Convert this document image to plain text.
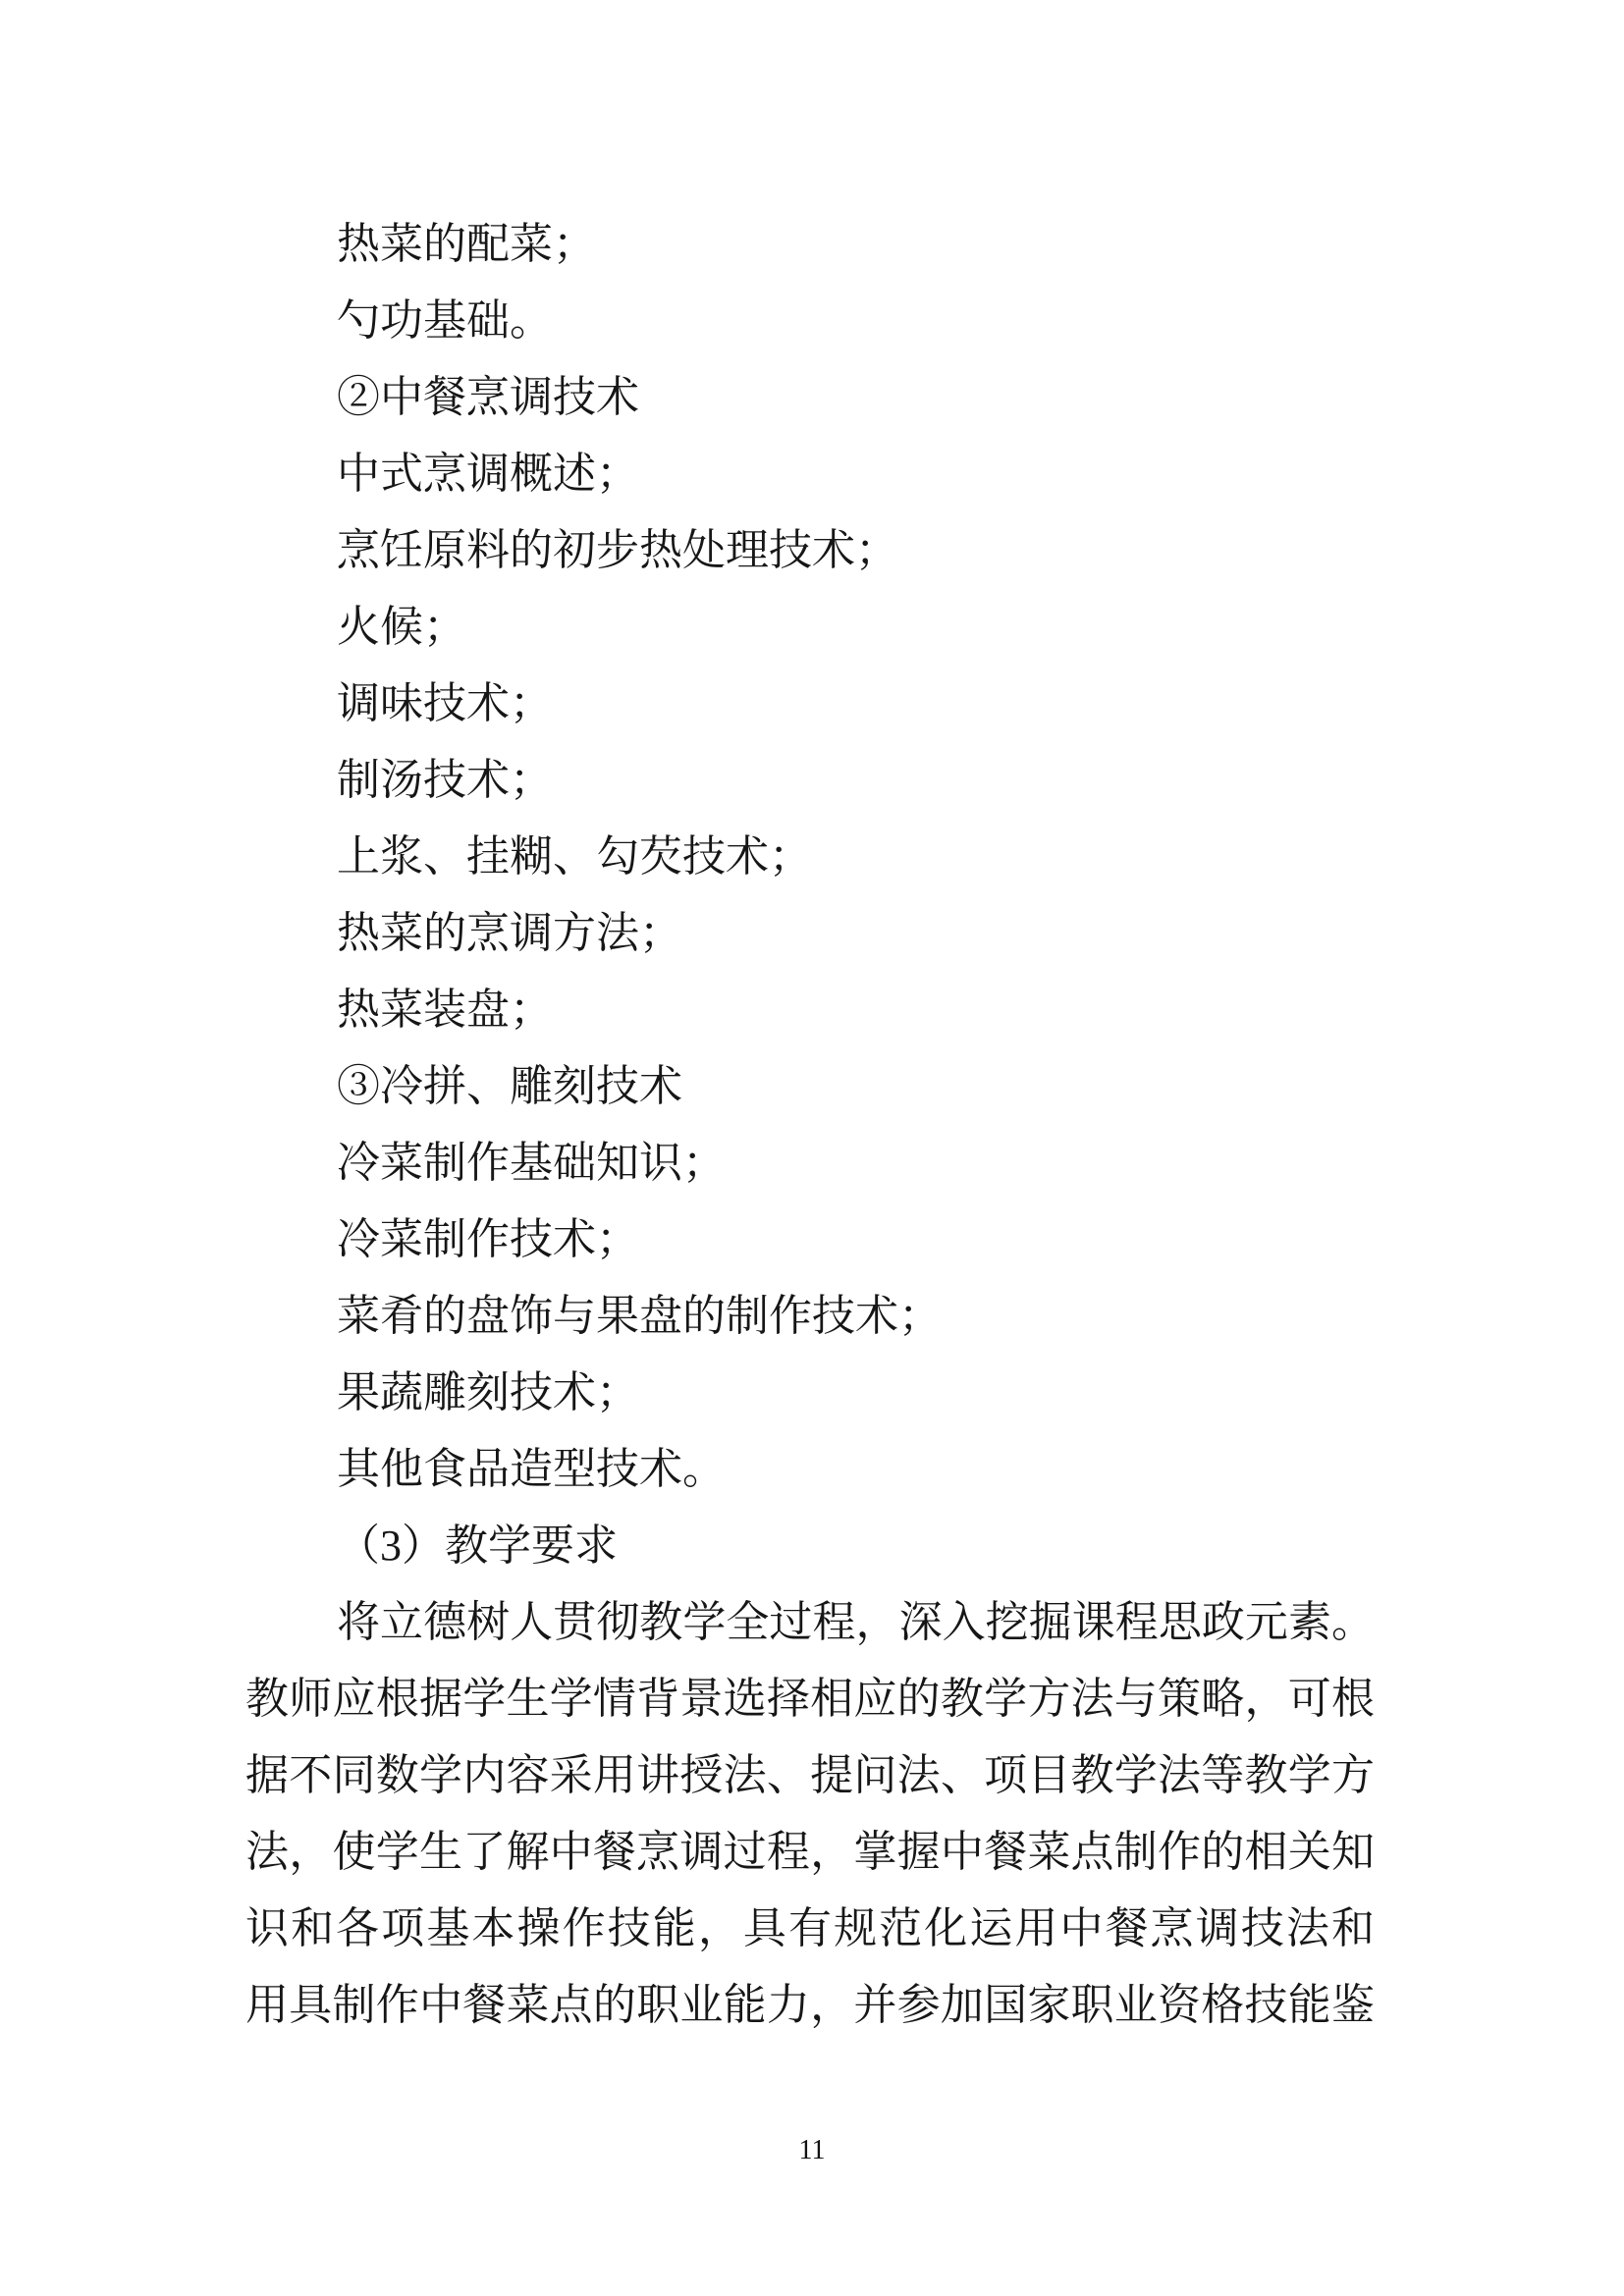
热菜的配菜；
勺功基础。
②中餐烹调技术
中式烹调概述；
烹饪原料的初步热处理技术；
火候；
调味技术；
制汤技术；
上浆、挂糊、勾芡技术；
热菜的烹调方法；
热菜装盘；
③冷拼、雕刻技术
冷菜制作基础知识；
冷菜制作技术；
菜肴的盘饰与果盘的制作技术；
果蔬雕刻技术；
其他食品造型技术。
（3）教学要求
将立德树人贯彻教学全过程，深入挖掘课程思政元素。
教师应根据学生学情背景选择相应的教学方法与策略，可根
据不同数学内容采用讲授法、提问法、项目教学法等教学方
法，使学生了解中餐烹调过程，掌握中餐菜点制作的相关知
识和各项基本操作技能，具有规范化运用中餐烹调技法和
用具制作中餐菜点的职业能力，并参加国家职业资格技能鉴
11
